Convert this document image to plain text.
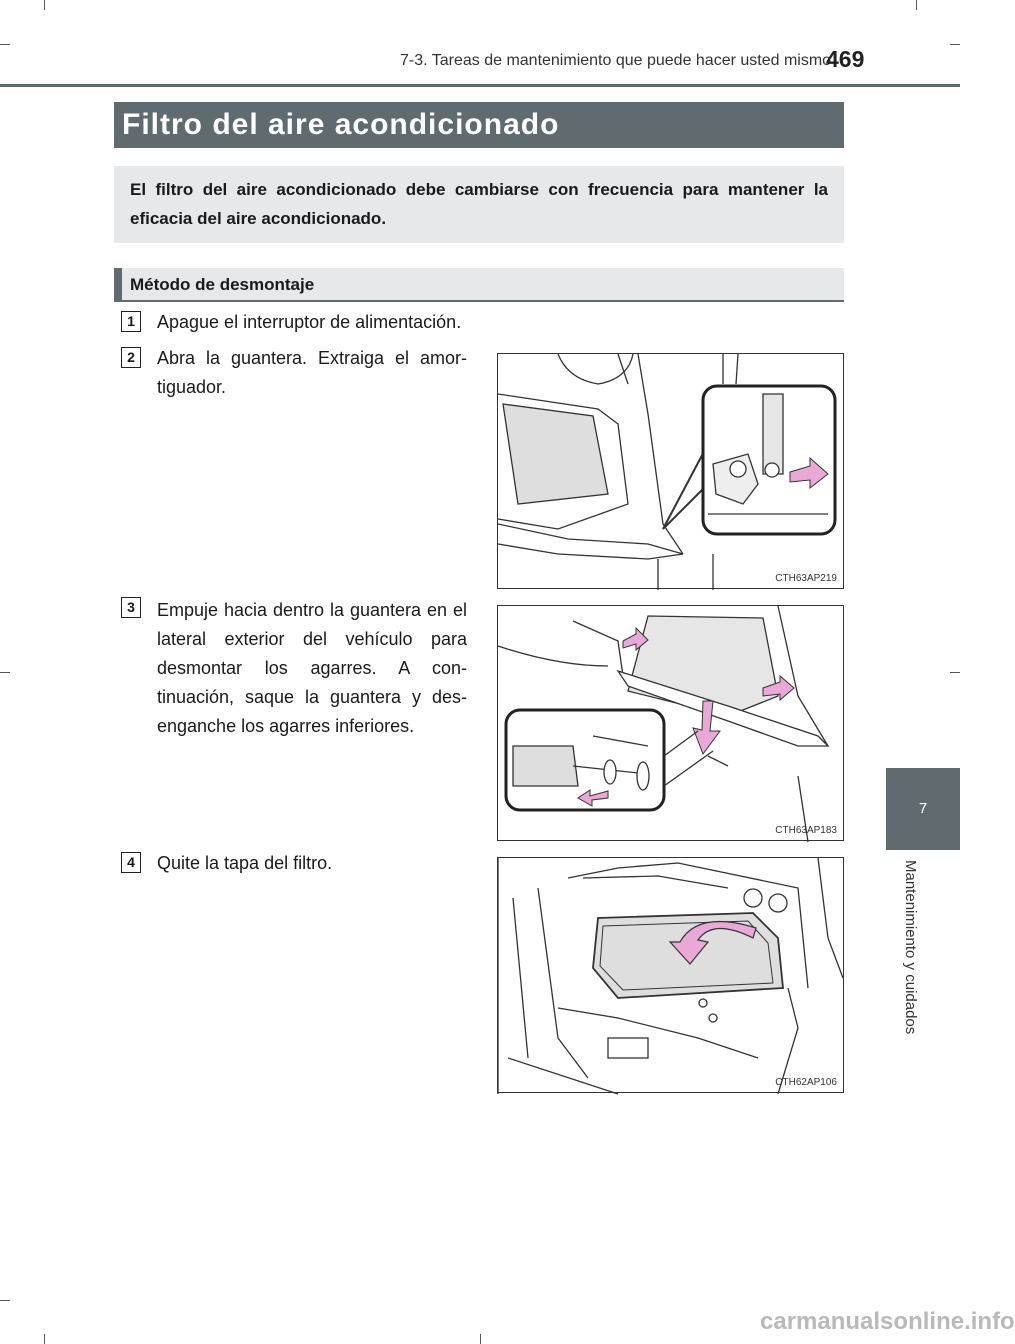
7-3. Tareas de mantenimiento que puede hacer usted mismo
469
Filtro del aire acondicionado
El filtro del aire acondicionado debe cambiarse con frecuencia para mantener la eficacia del aire acondicionado.
Método de desmontaje
1	Apague el interruptor de alimentación.
2	Abra la guantera. Extraiga el amor-tiguador.
CTH63AP219
3	Empuje hacia dentro la guantera en el lateral exterior del vehículo para desmontar los agarres. A con-tinuación, saque la guantera y des-enganche los agarres inferiores.
CTH63AP183
4	Quite la tapa del filtro.
CTH62AP106
7
Mantenimiento y cuidados
carmanualsonline.info
